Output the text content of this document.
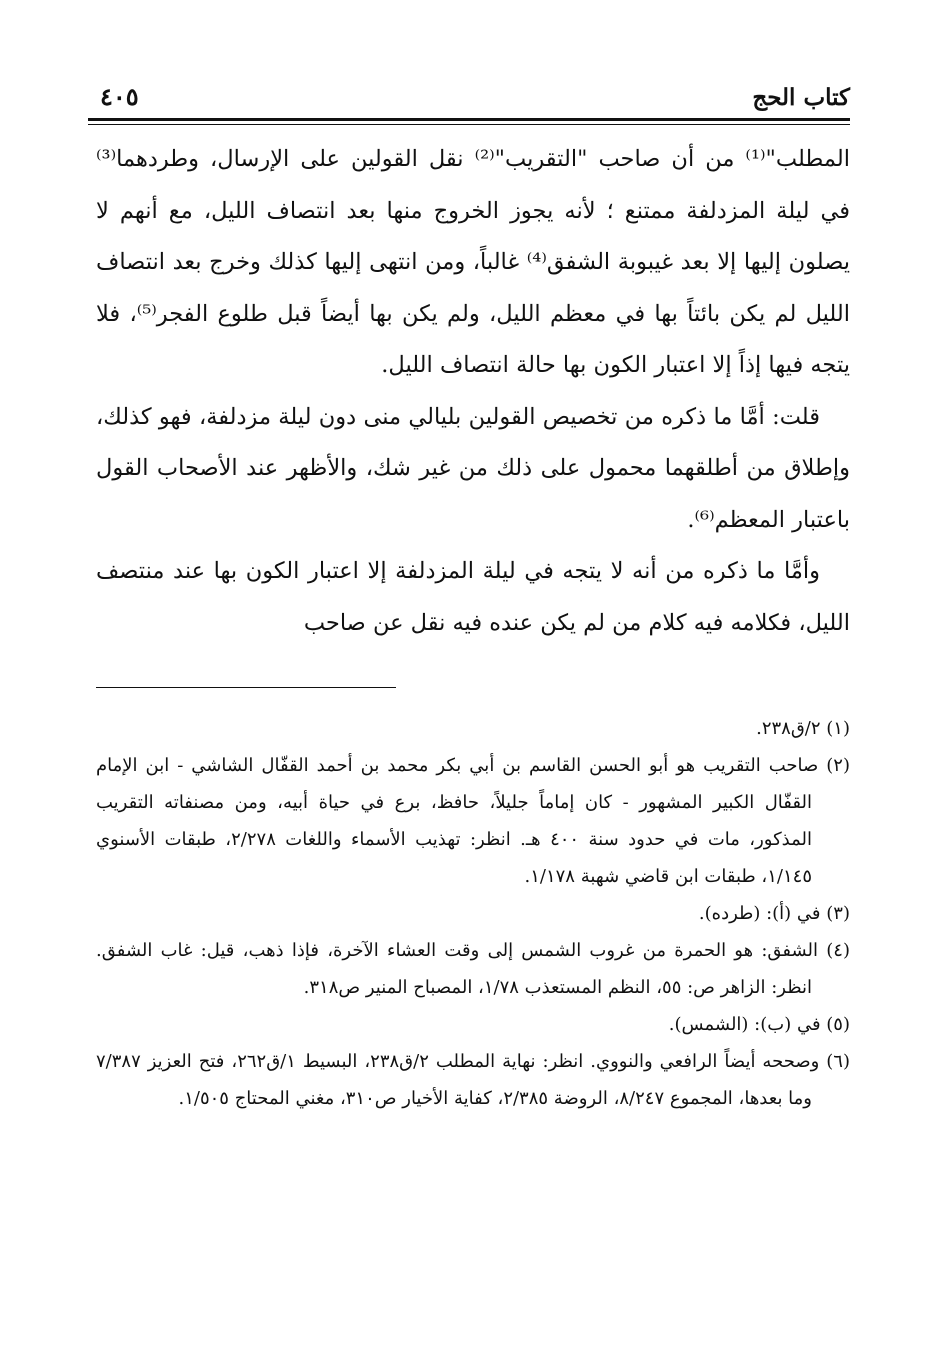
كتاب الحج
٤٠٥

المطلب"⁽¹⁾ من أن صاحب "التقريب"⁽²⁾ نقل القولين على الإرسال، وطردهما⁽³⁾ في ليلة المزدلفة ممتنع ؛ لأنه يجوز الخروج منها بعد انتصاف الليل، مع أنهم لا يصلون إليها إلا بعد غيبوبة الشفق⁽⁴⁾ غالباً، ومن انتهى إليها كذلك وخرج بعد انتصاف الليل لم يكن بائتاً بها في معظم الليل، ولم يكن بها أيضاً قبل طلوع الفجر⁽⁵⁾، فلا يتجه فيها إذاً إلا اعتبار الكون بها حالة انتصاف الليل.

قلت: أمَّا ما ذكره من تخصيص القولين بليالي منى دون ليلة مزدلفة، فهو كذلك، وإطلاق من أطلقهما محمول على ذلك من غير شك، والأظهر عند الأصحاب القول باعتبار المعظم⁽⁶⁾.

وأمَّا ما ذكره من أنه لا يتجه في ليلة المزدلفة إلا اعتبار الكون بها عند منتصف الليل، فكلامه فيه كلام من لم يكن عنده فيه نقل عن صاحب

(١) ٢/ق٢٣٨.

(٢) صاحب التقريب هو أبو الحسن القاسم بن أبي بكر محمد بن أحمد القفّال الشاشي - ابن الإمام القفّال الكبير المشهور - كان إماماً جليلاً، حافظ، برع في حياة أبيه، ومن مصنفاته التقريب المذكور، مات في حدود سنة ٤٠٠ هـ. انظر: تهذيب الأسماء واللغات ٢/٢٧٨، طبقات الأسنوي ١/١٤٥، طبقات ابن قاضي شهبة ١/١٧٨.

(٣) في (أ): (طرده).

(٤) الشفق: هو الحمرة من غروب الشمس إلى وقت العشاء الآخرة، فإذا ذهب، قيل: غاب الشفق. انظر: الزاهر ص: ٥٥، النظم المستعذب ١/٧٨، المصباح المنير ص٣١٨.

(٥) في (ب): (الشمس).

(٦) وصححه أيضاً الرافعي والنووي. انظر: نهاية المطلب ٢/ق٢٣٨، البسيط ١/ق٢٦٢، فتح العزيز ٧/٣٨٧ وما بعدها، المجموع ٨/٢٤٧، الروضة ٢/٣٨٥، كفاية الأخيار ص٣١٠، مغني المحتاج ١/٥٠٥.
